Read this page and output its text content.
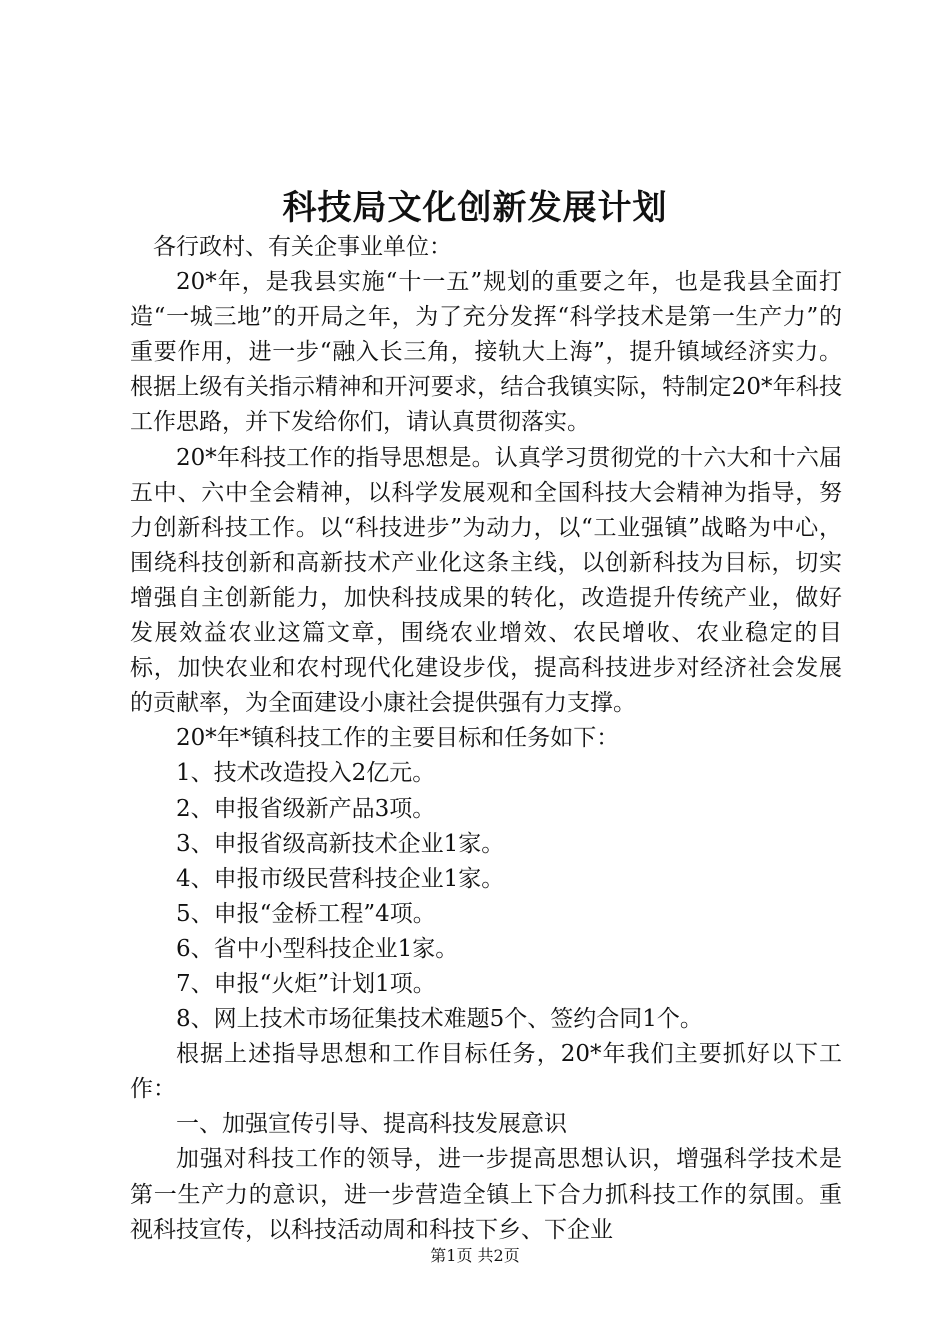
科技局文化创新发展计划

各行政村、有关企事业单位：

20*年，是我县实施“十一五”规划的重要之年，也是我县全面打造“一城三地”的开局之年，为了充分发挥“科学技术是第一生产力”的重要作用，进一步“融入长三角，接轨大上海”，提升镇域经济实力。根据上级有关指示精神和开河要求，结合我镇实际，特制定20*年科技工作思路，并下发给你们，请认真贯彻落实。

20*年科技工作的指导思想是。认真学习贯彻党的十六大和十六届五中、六中全会精神，以科学发展观和全国科技大会精神为指导，努力创新科技工作。以“科技进步”为动力，以“工业强镇”战略为中心，围绕科技创新和高新技术产业化这条主线，以创新科技为目标，切实增强自主创新能力，加快科技成果的转化，改造提升传统产业，做好发展效益农业这篇文章，围绕农业增效、农民增收、农业稳定的目标，加快农业和农村现代化建设步伐，提高科技进步对经济社会发展的贡献率，为全面建设小康社会提供强有力支撑。

20*年*镇科技工作的主要目标和任务如下：

1、技术改造投入2亿元。

2、申报省级新产品3项。

3、申报省级高新技术企业1家。

4、申报市级民营科技企业1家。

5、申报“金桥工程”4项。

6、省中小型科技企业1家。

7、申报“火炬”计划1项。

8、网上技术市场征集技术难题5个、签约合同1个。

根据上述指导思想和工作目标任务，20*年我们主要抓好以下工作：

一、加强宣传引导、提高科技发展意识

加强对科技工作的领导，进一步提高思想认识，增强科学技术是第一生产力的意识，进一步营造全镇上下合力抓科技工作的氛围。重视科技宣传，以科技活动周和科技下乡、下企业

第1页 共2页
